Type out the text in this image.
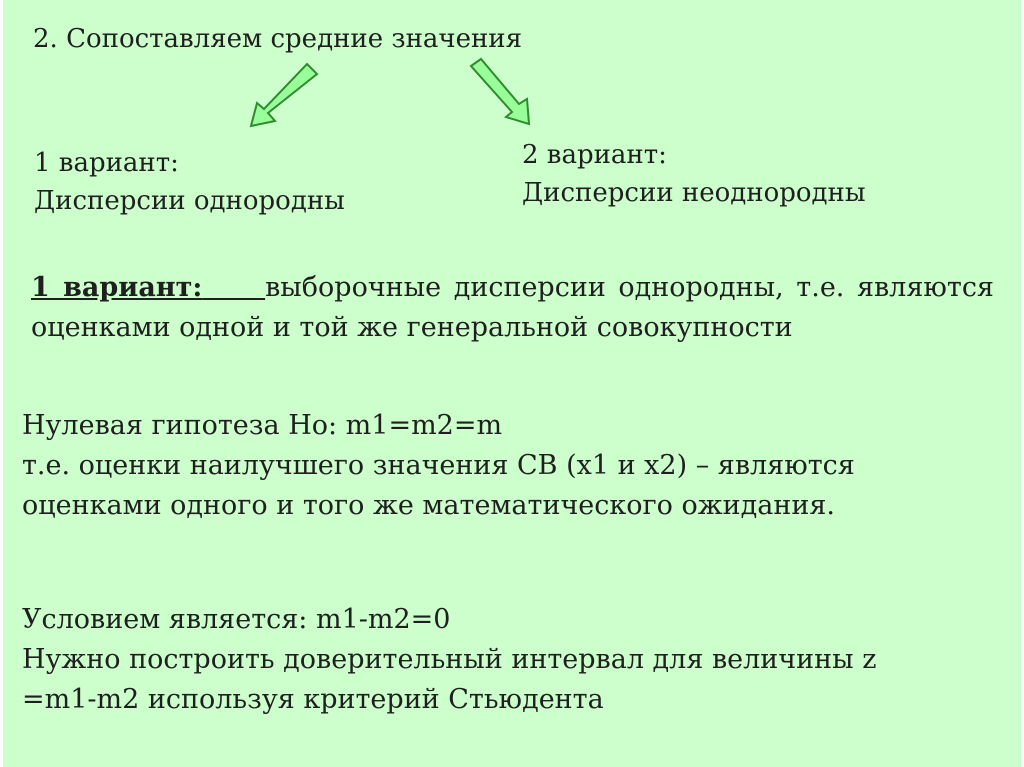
2. Сопоставляем средние значения

1 вариант:

Дисперсии однородны

2 вариант:

Дисперсии неоднородны

1 вариант: выборочные дисперсии однородны, т.е. являются оценками одной и той же генеральной совокупности

Нулевая гипотеза Hо: m1=m2=m
т.е. оценки наилучшего значения СВ (x1 и x2) – являются
оценками одного и того же математического ожидания.
Условием является: m1-m2=0
Нужно построить доверительный интервал для величины z
=m1-m2 используя критерий Стьюдента
